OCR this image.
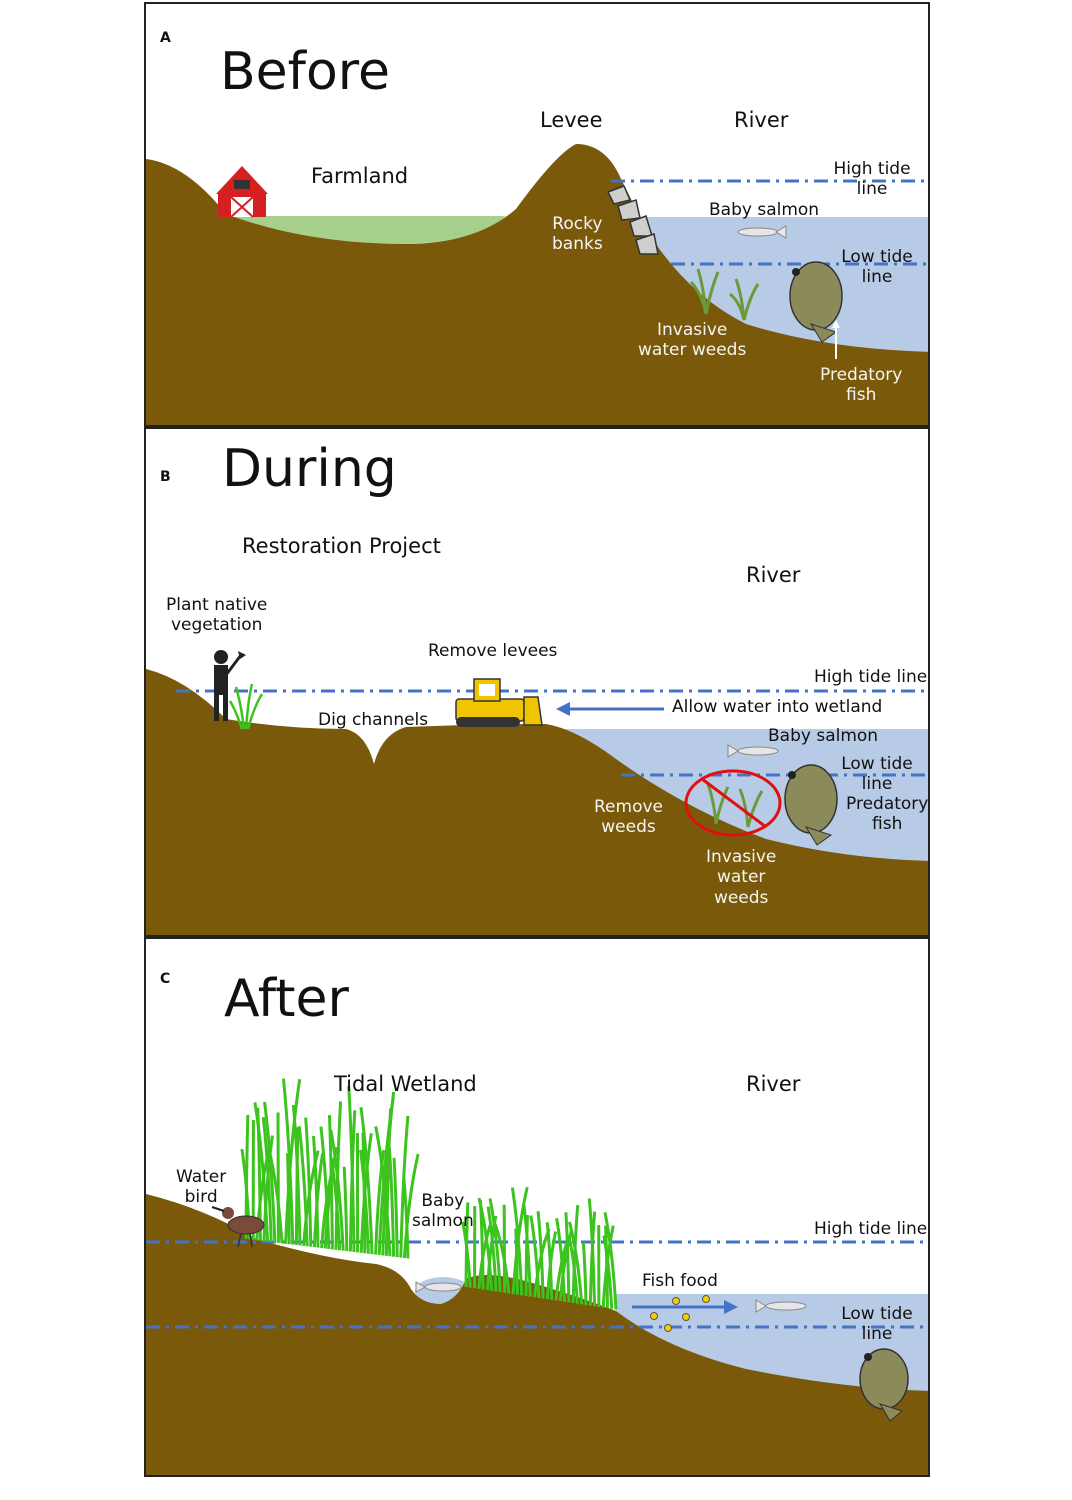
A
Before
Levee	River
Farmland	High tide line
Baby salmon
Rocky
banks
Low tide line
Invasive
water weeds
Predatory
fish
B During
Restoration Project
River
Plant native
vegetation
Remove levees
High tide line
Allow water into wetland
Dig channels
Baby salmon
Low tide line
Predatory
fish
Remove
weeds
Invasive
water
weeds
C After
Tidal Wetland	River
Water
bird	Baby
salmon	High tide line
Fish food
Low tide line
